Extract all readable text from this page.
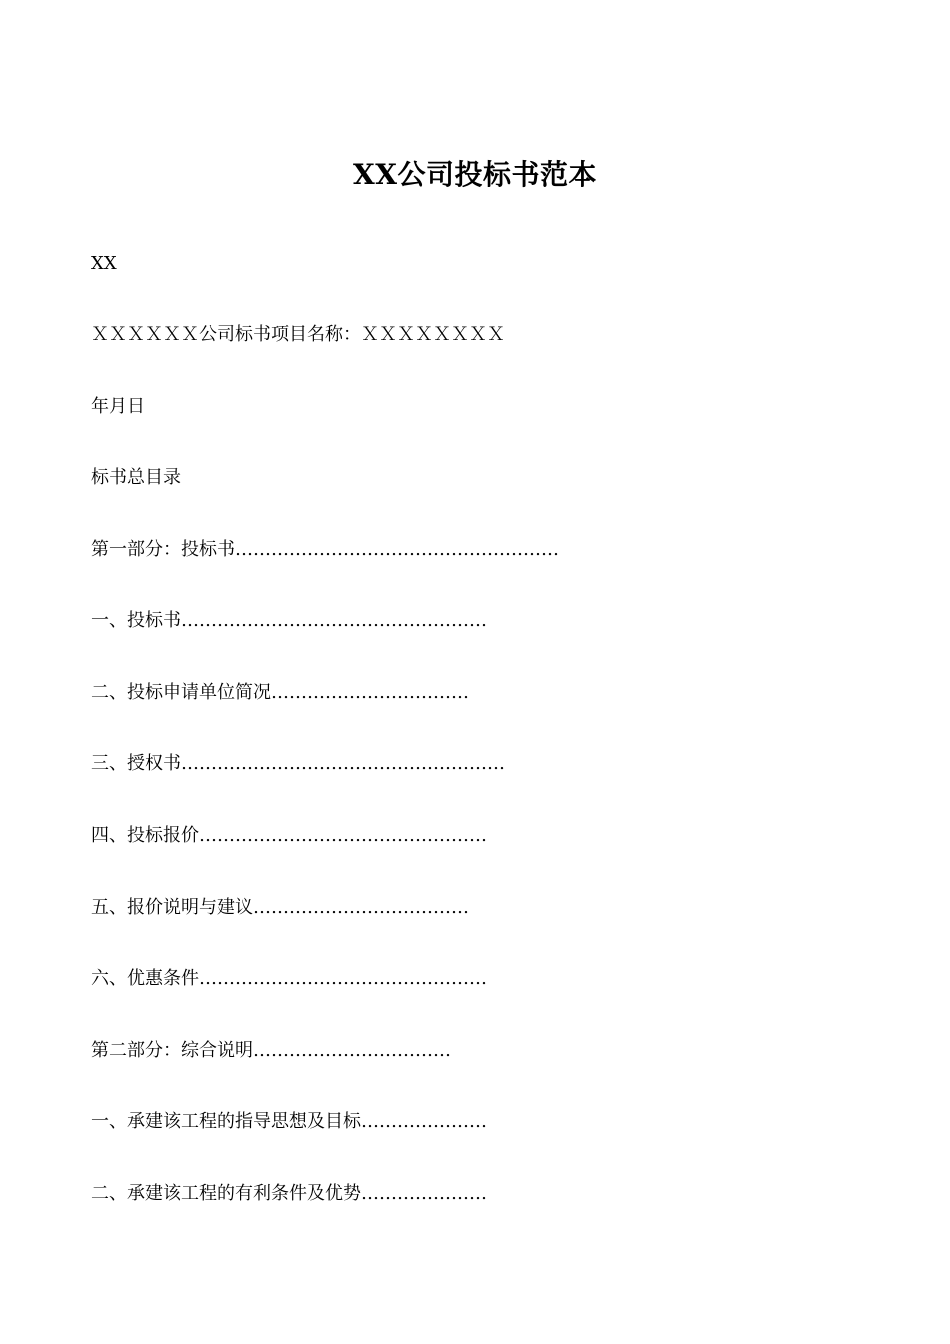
XX公司投标书范本
XX
ＸＸＸＸＸＸ公司标书项目名称：ＸＸＸＸＸＸＸＸ
年月日
标书总目录
第一部分：投标书………………………………………………
一、投标书……………………………………………
二、投标申请单位简况……………………………
三、授权书………………………………………………
四、投标报价…………………………………………
五、报价说明与建议………………………………
六、优惠条件…………………………………………
第二部分：综合说明……………………………
一、承建该工程的指导思想及目标…………………
二、承建该工程的有利条件及优势…………………
